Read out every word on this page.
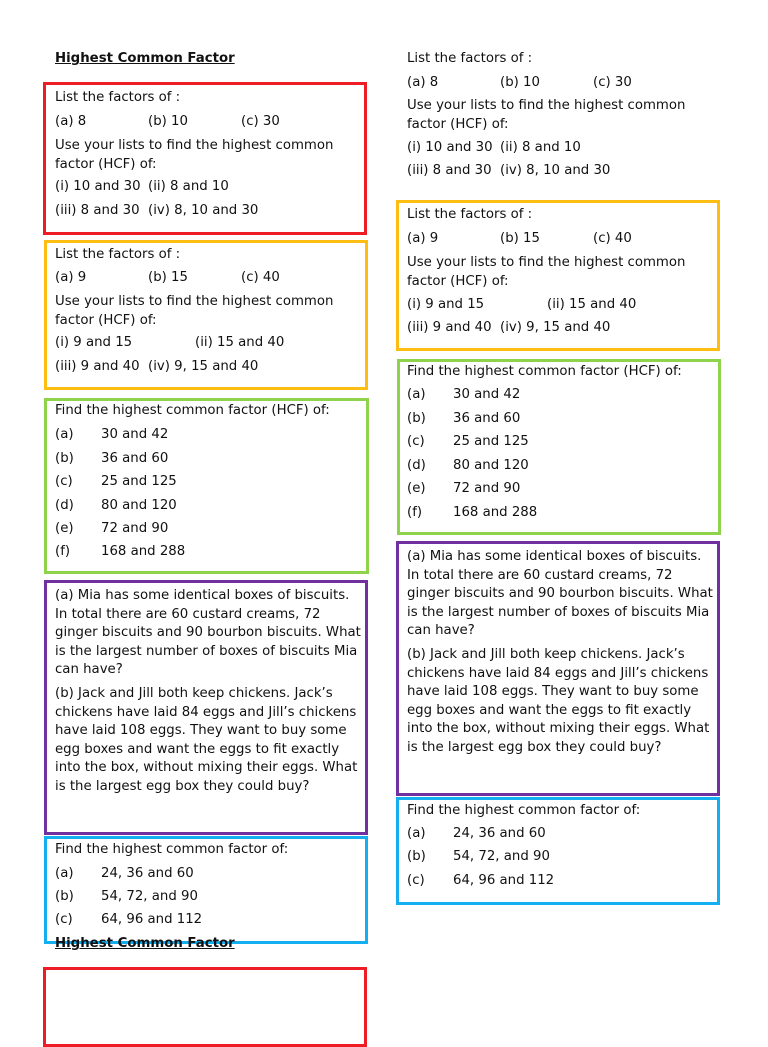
Highest Common Factor
List the factors of :
(a) 8	(b) 10	(c) 30
Use your lists to find the highest common factor (HCF) of:
(i) 10 and 30 (ii) 8 and 10
(iii) 8 and 30 (iv) 8, 10 and 30
List the factors of :
(a) 9	(b) 15	(c) 40
Use your lists to find the highest common factor (HCF) of:
(i) 9 and 15	(ii) 15 and 40
(iii) 9 and 40 (iv) 9, 15 and 40
Find the highest common factor (HCF) of:
(a) 30 and 42
(b) 36 and 60
(c) 25 and 125
(d) 80 and 120
(e) 72 and 90
(f) 168 and 288

(a) Mia has some identical boxes of biscuits. In total there are 60 custard creams, 72 ginger biscuits and 90 bourbon biscuits. What is the largest number of boxes of biscuits Mia can have?

(b) Jack and Jill both keep chickens. Jack’s chickens have laid 84 eggs and Jill’s chickens have laid 108 eggs. They want to buy some egg boxes and want the eggs to fit exactly into the box, without mixing their eggs. What is the largest egg box they could buy?

Find the highest common factor of:
(a) 24, 36 and 60
(b) 54, 72, and 90
(c) 64, 96 and 112
Highest Common Factor
List the factors of :
(a) 8	(b) 10	(c) 30
Use your lists to find the highest common factor (HCF) of:
(i) 10 and 30 (ii) 8 and 10
(iii) 8 and 30 (iv) 8, 10 and 30
List the factors of :
(a) 9	(b) 15	(c) 40
Use your lists to find the highest common factor (HCF) of:
(i) 9 and 15	(ii) 15 and 40
(iii) 9 and 40 (iv) 9, 15 and 40
Find the highest common factor (HCF) of:
(a) 30 and 42
(b) 36 and 60
(c) 25 and 125
(d) 80 and 120
(e) 72 and 90
(f) 168 and 288

(a) Mia has some identical boxes of biscuits. In total there are 60 custard creams, 72 ginger biscuits and 90 bourbon biscuits. What is the largest number of boxes of biscuits Mia can have?

(b) Jack and Jill both keep chickens. Jack’s chickens have laid 84 eggs and Jill’s chickens have laid 108 eggs. They want to buy some egg boxes and want the eggs to fit exactly into the box, without mixing their eggs. What is the largest egg box they could buy?

Find the highest common factor of:
(a) 24, 36 and 60
(b) 54, 72, and 90
(c) 64, 96 and 112
